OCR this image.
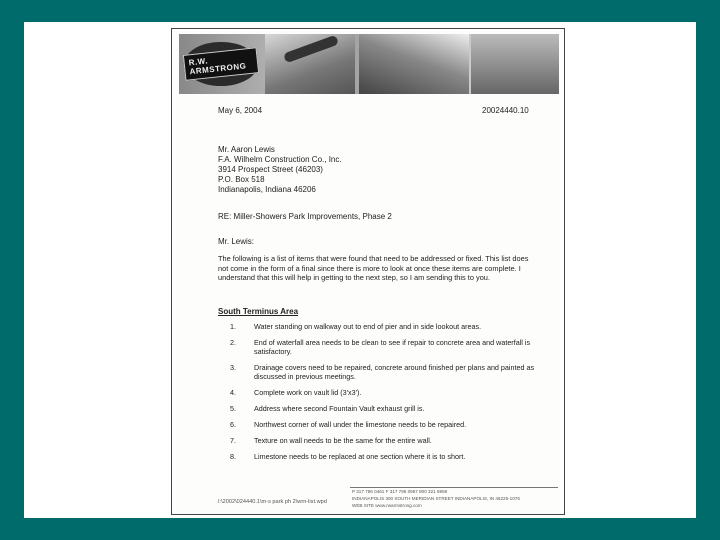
R.W. ARMSTRONG
May 6, 2004	20024440.10
Mr. Aaron Lewis
F.A. Wilhelm Construction Co., Inc.
3914 Prospect Street (46203)
P.O. Box 518
Indianapolis, Indiana 46206
RE: Miller-Showers Park Improvements, Phase 2
Mr. Lewis:
The following is a list of items that were found that need to be addressed or fixed. This list does not come in the form of a final since there is more to look at once these items are complete. I understand that this will help in getting to the next step, so I am sending this to you.
South Terminus Area
1.	Water standing on walkway out to end of pier and in side lookout areas.
2.	End of waterfall area needs to be clean to see if repair to concrete area and waterfall is satisfactory.
3.	Drainage covers need to be repaired, concrete around finished per plans and painted as discussed in previous meetings.
4.	Complete work on vault lid (3'x3').
5.	Address where second Fountain Vault exhaust grill is.
6.	Northwest corner of wall under the limestone needs to be repaired.
7.	Texture on wall needs to be the same for the entire wall.
8.	Limestone needs to be replaced at one section where it is to short.
I:\2002\024440.1\m-s park ph 2\wrn-list.wpd
P 317 786 0461 F 317 786 0957 800 321 6959
INDIANAPOLIS 300 SOUTH MERIDIAN STREET INDIANAPOLIS, IN 46225-1076
WEB SITE www.rwarmstrong.com
